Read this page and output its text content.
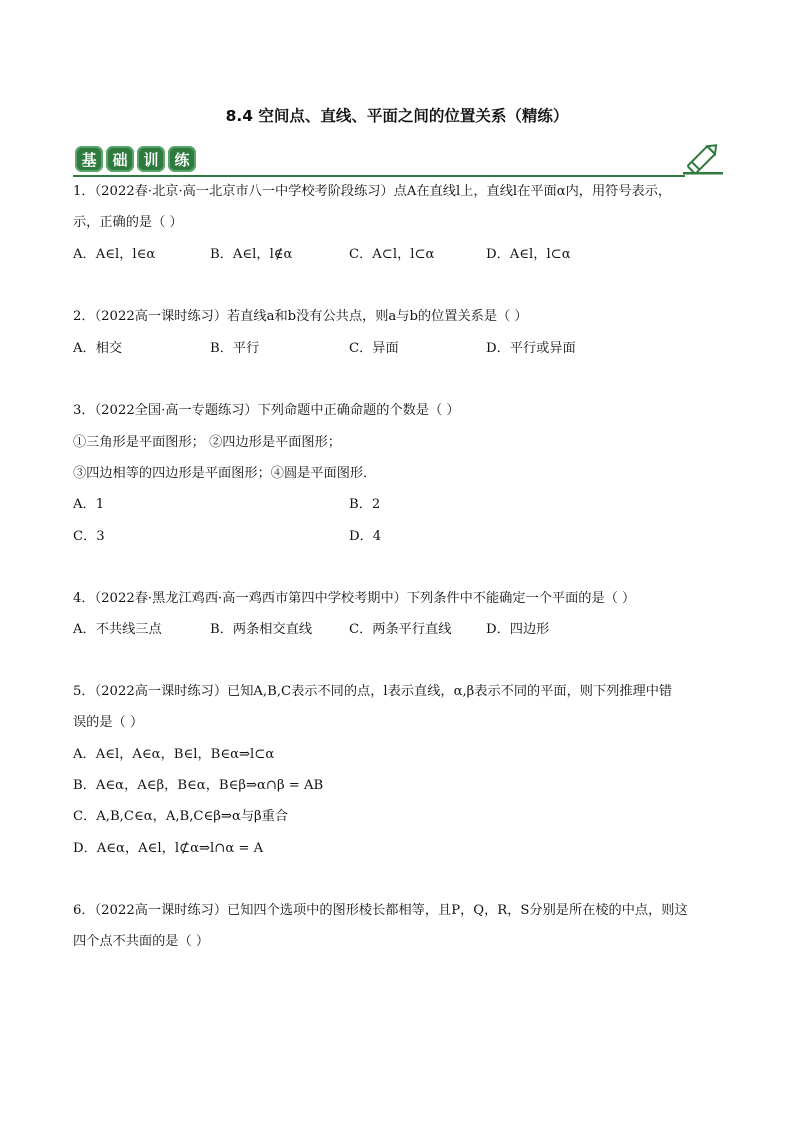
8.4 空间点、直线、平面之间的位置关系（精练）
基	础	训	练

1．（2022春·北京·高一北京市八一中学校考阶段练习）点A在直线l上，直线l在平面α内，用符号表示，

示，正确的是（ ）

A．A∈l，l∈α	B．A∈l，l∉α	C．A⊂l，l⊂α	D．A∈l，l⊂α

2．（2022高一课时练习）若直线a和b没有公共点，则a与b的位置关系是（ ）

A．相交	B．平行	C．异面	D．平行或异面

3．（2022全国·高一专题练习）下列命题中正确命题的个数是（ ）

①三角形是平面图形； ②四边形是平面图形；

③四边相等的四边形是平面图形；④圆是平面图形．

A．1	B．2
C．3	D．4

4．（2022春·黑龙江鸡西·高一鸡西市第四中学校考期中）下列条件中不能确定一个平面的是（ ）

A．不共线三点	B．两条相交直线	C．两条平行直线	D．四边形

5．（2022高一课时练习）已知A,B,C表示不同的点，l表示直线，α,β表示不同的平面，则下列推理中错

误的是（ ）

A．A∈l，A∈α，B∈l，B∈α⇒l⊂α
B．A∈α，A∈β，B∈α，B∈β⇒α∩β = AB
C．A,B,C∈α，A,B,C∈β⇒α与β重合
D．A∈α，A∈l，l⊄α⇒l∩α = A

6．（2022高一课时练习）已知四个选项中的图形棱长都相等，且P，Q，R，S分别是所在棱的中点，则这

四个点不共面的是（ ）
